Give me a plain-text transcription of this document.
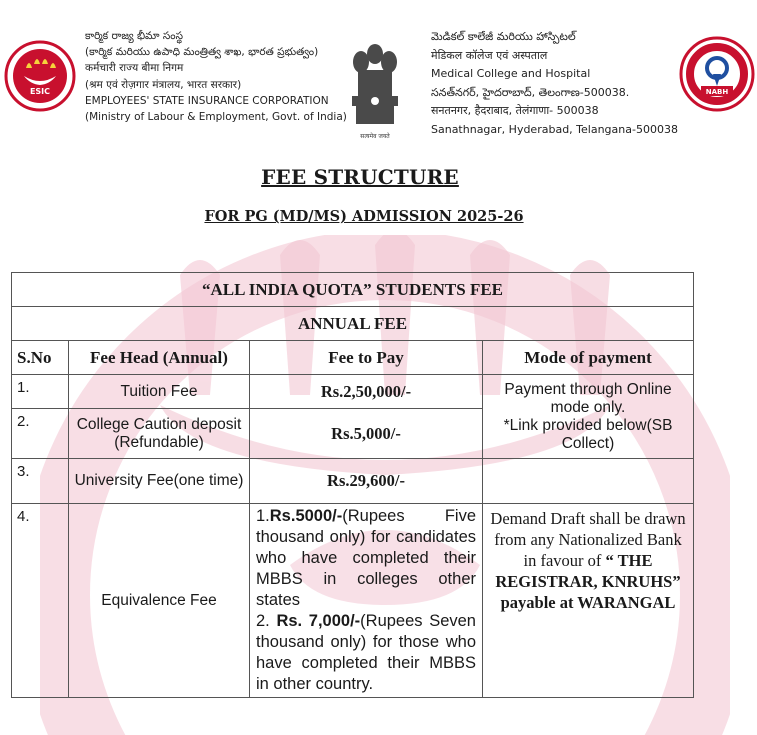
ESIC
కార్మిక రాజ్య భీమా సంస్థ
(కార్మిక మరియు ఉపాధి మంత్రిత్వ శాఖ, భారత ప్రభుత్వం)
कर्मचारी राज्य बीमा निगम
(श्रम एवं रोज़गार मंत्रालय, भारत सरकार)
EMPLOYEES' STATE INSURANCE CORPORATION
(Ministry of Labour & Employment, Govt. of India)
सत्यमेव जयते
మెడికల్ కాలేజీ మరియు హాస్పిటల్
मेडिकल कॉलेज एवं अस्पताल
Medical College and Hospital
సనత్‌నగర్, హైదరాబాద్, తెలంగాణ-500038.
सनतनगर, हैदराबाद, तेलंगाणा- 500038
Sanathnagar, Hyderabad, Telangana-500038
NABH
FEE STRUCTURE
FOR PG (MD/MS) ADMISSION 2025-26
“ALL INDIA QUOTA” STUDENTS FEE			
ANNUAL FEE			
S.No	Fee Head (Annual)	Fee to Pay	Mode of payment
1.	Tuition Fee	Rs.2,50,000/-	Payment through Online mode only.
*Link provided below(SB Collect)

2.	College Caution deposit (Refundable)	Rs.5,000/-	
3.	University Fee(one time)	Rs.29,600/-	
4.	Equivalence Fee	1.Rs.5000/-(Rupees Five thousand only) for candidates who have completed their MBBS in colleges other states
2. Rs. 7,000/-(Rupees Seven thousand only) for those who have completed their MBBS in other country.	Demand Draft shall be drawn from any Nationalized Bank in favour of “ THE REGISTRAR, KNRUHS” payable at WARANGAL
